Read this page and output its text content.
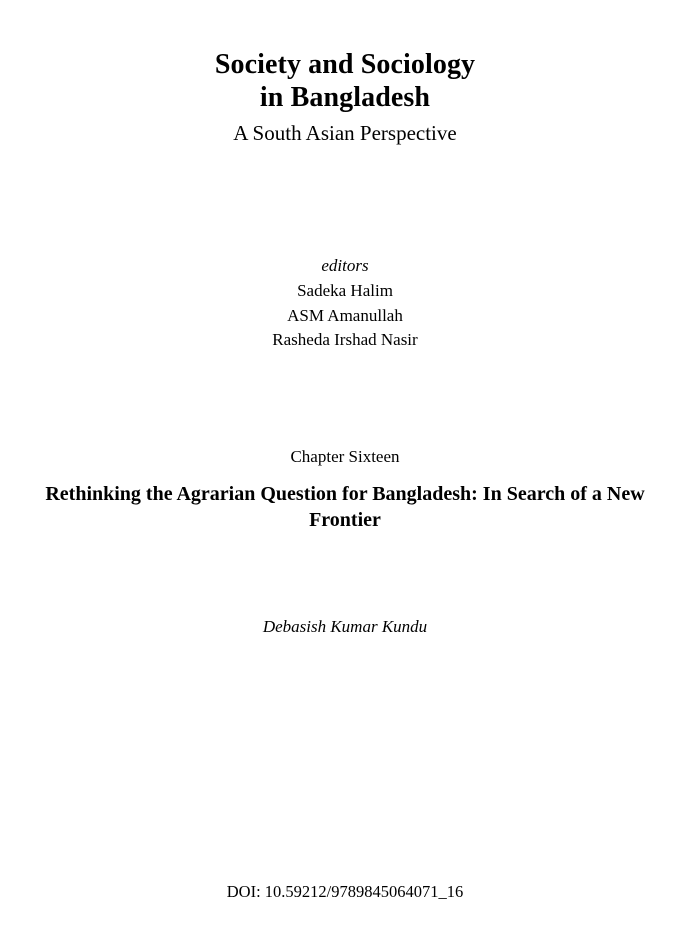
Society and Sociology
in Bangladesh
A South Asian Perspective
editors
Sadeka Halim
ASM Amanullah
Rasheda Irshad Nasir
Chapter Sixteen
Rethinking the Agrarian Question for Bangladesh: In Search of a New Frontier
Debasish Kumar Kundu
DOI: 10.59212/9789845064071_16
